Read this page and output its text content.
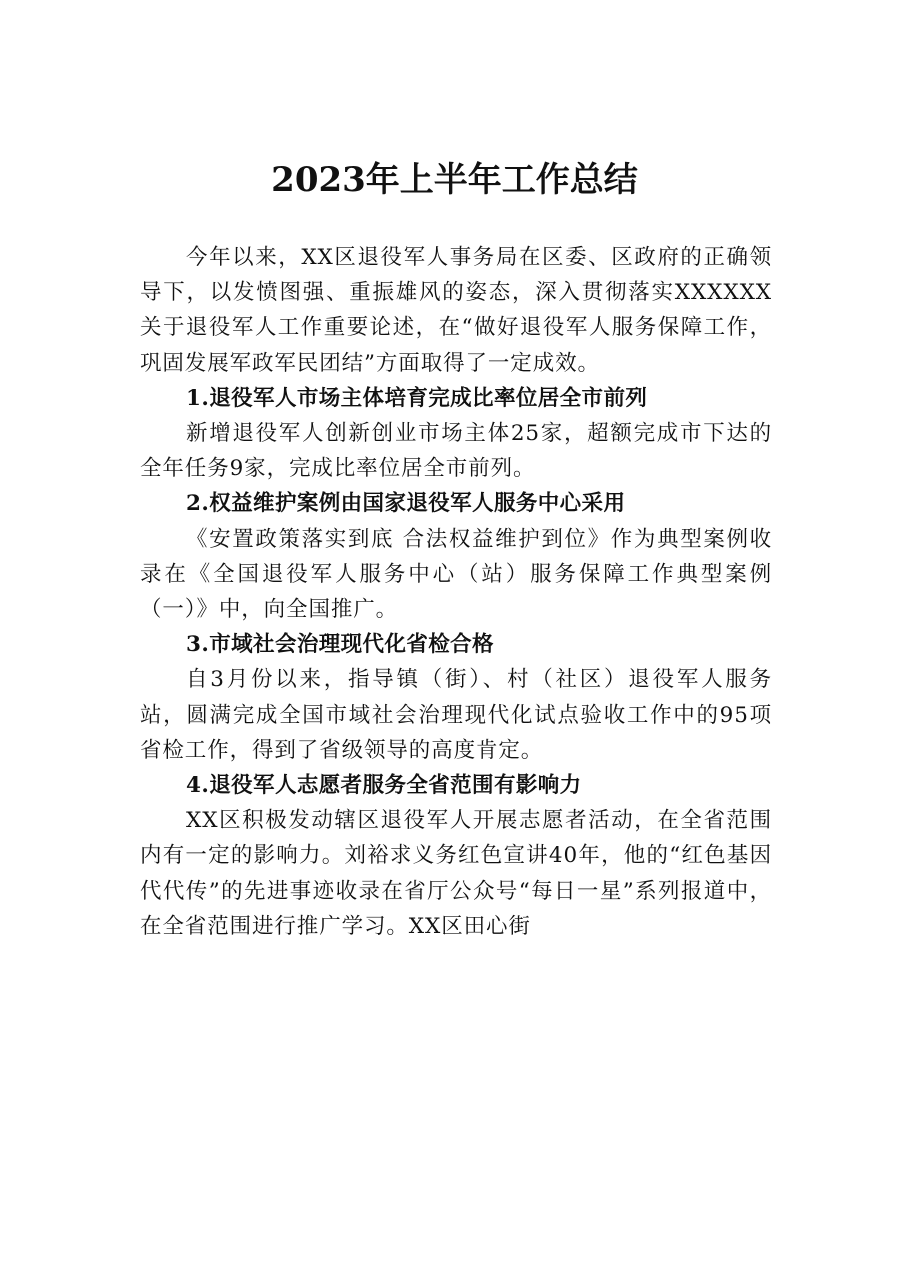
2023年上半年工作总结

今年以来，XX区退役军人事务局在区委、区政府的正确领导下，以发愤图强、重振雄风的姿态，深入贯彻落实XXXXXX关于退役军人工作重要论述，在“做好退役军人服务保障工作，巩固发展军政军民团结”方面取得了一定成效。

1.退役军人市场主体培育完成比率位居全市前列

新增退役军人创新创业市场主体25家，超额完成市下达的全年任务9家，完成比率位居全市前列。

2.权益维护案例由国家退役军人服务中心采用

《安置政策落实到底 合法权益维护到位》作为典型案例收录在《全国退役军人服务中心（站）服务保障工作典型案例（一）》中，向全国推广。

3.市域社会治理现代化省检合格

自3月份以来，指导镇（街）、村（社区）退役军人服务站，圆满完成全国市域社会治理现代化试点验收工作中的95项省检工作，得到了省级领导的高度肯定。

4.退役军人志愿者服务全省范围有影响力

XX区积极发动辖区退役军人开展志愿者活动，在全省范围内有一定的影响力。刘裕求义务红色宣讲40年，他的“红色基因代代传”的先进事迹收录在省厅公众号“每日一星”系列报道中，在全省范围进行推广学习。XX区田心街
